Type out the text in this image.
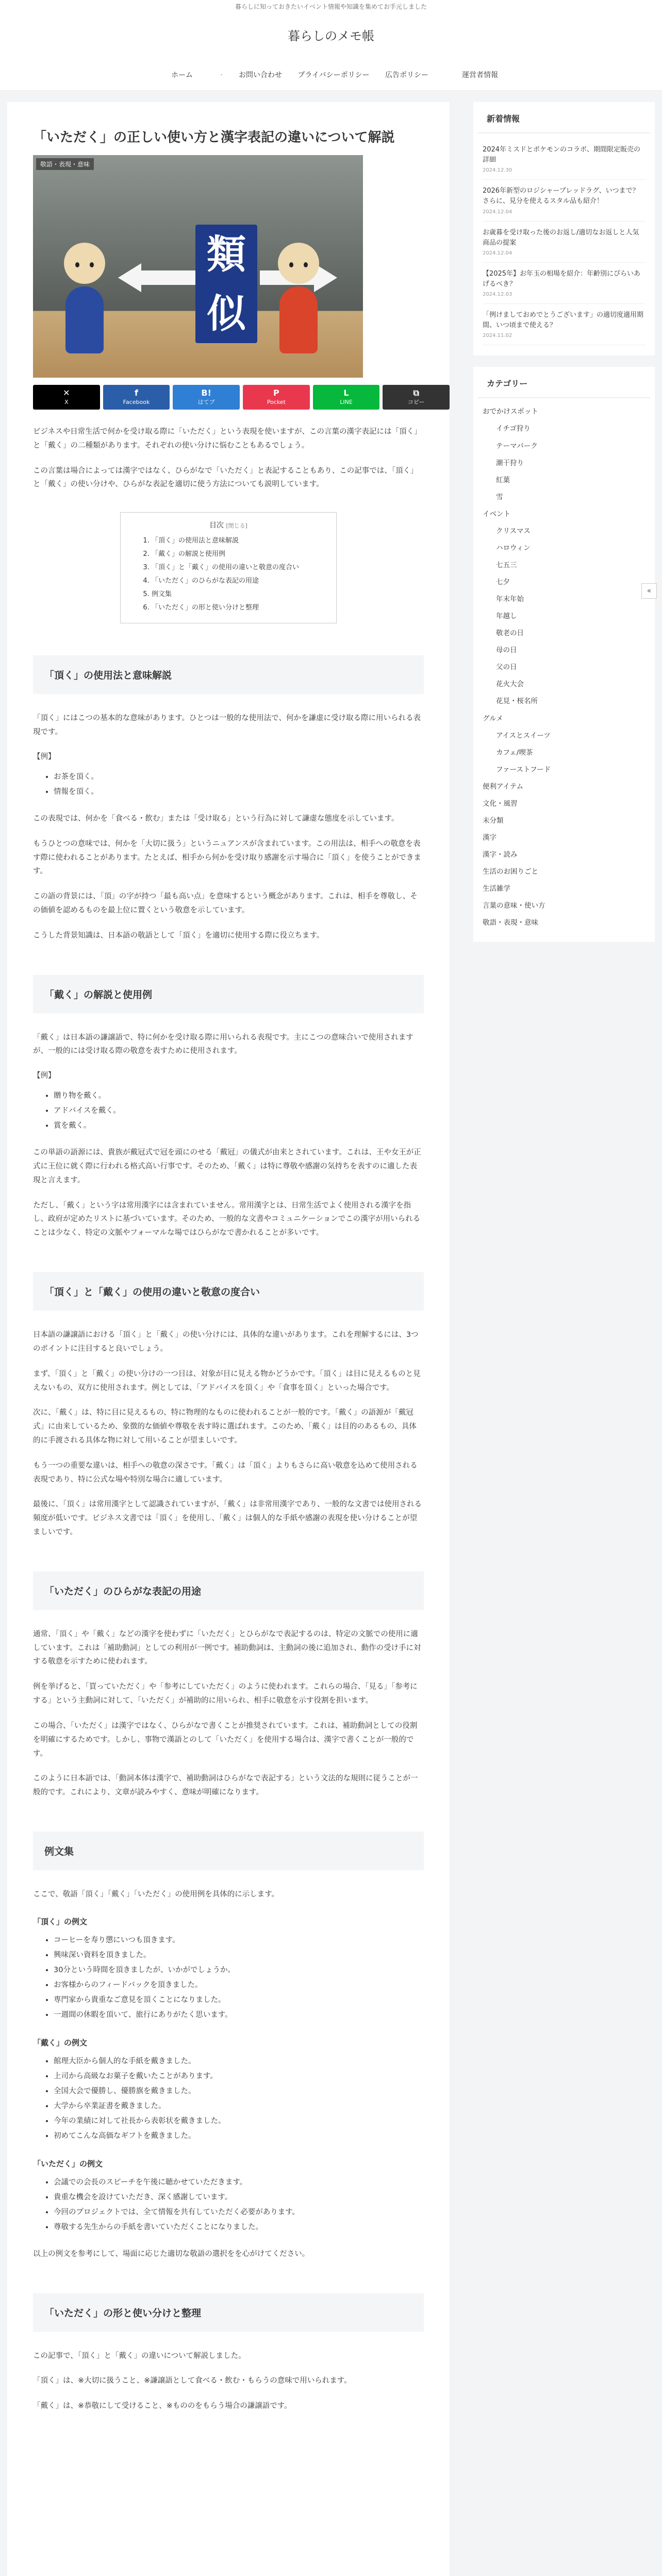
暮らしに知っておきたいイベント情報や知識を集めてお手元しました
暮らしのメモ帳
ホーム	・	お問い合わせ	プライバシーポリシー	広告ポリシー	運営者情報
「いただく」の正しい使い方と漢字表記の違いについて解説
敬語・表現・意味
類
似
✕
X
f
Facebook
B!
はてブ
P
Pocket
L
LINE
⧉
コピー

ビジネスや日常生活で何かを受け取る際に「いただく」という表現を使いますが、この言葉の漢字表記には「頂く」と「戴く」の二種類があります。それぞれの使い分けに悩むこともあるでしょう。

この言葉は場合によっては漢字ではなく、ひらがなで「いただく」と表記することもあり、この記事では、「頂く」と「戴く」の使い分けや、ひらがな表記を適切に使う方法についても説明しています。

目次 [閉じる]
1. 「頂く」の使用法と意味解説
2. 「戴く」の解説と使用例
3. 「頂く」と「戴く」の使用の違いと敬意の度合い
4. 「いただく」のひらがな表記の用途
5. 例文集
6. 「いただく」の形と使い分けと整理
「頂く」の使用法と意味解説

「頂く」にはこつの基本的な意味があります。ひとつは一般的な使用法で、何かを謙虚に受け取る際に用いられる表現です。

【例】
• お茶を頂く。
• 情報を頂く。

この表現では、何かを「食べる・飲む」または「受け取る」という行為に対して謙虚な態度を示しています。

もうひとつの意味では、何かを「大切に扱う」というニュアンスが含まれています。この用法は、相手への敬意を表す際に使われることがあります。たとえば、相手から何かを受け取り感謝を示す場合に「頂く」を使うことができます。

この語の背景には、「頂」の字が持つ「最も高い点」を意味するという概念があります。これは、相手を尊敬し、その価値を認めるものを最上位に置くという敬意を示しています。

こうした背景知識は、日本語の敬語として「頂く」を適切に使用する際に役立ちます。

「戴く」の解説と使用例

「戴く」は日本語の謙譲語で、特に何かを受け取る際に用いられる表現です。主にこつの意味合いで使用されますが、一般的には受け取る際の敬意を表すために使用されます。

【例】
• 贈り物を戴く。
• アドバイスを戴く。
• 賞を戴く。

この単語の語源には、貴族が戴冠式で冠を頭にのせる「戴冠」の儀式が由来とされています。これは、王や女王が正式に王位に就く際に行われる格式高い行事です。そのため、「戴く」は特に尊敬や感謝の気持ちを表すのに適した表現と言えます。

ただし、「戴く」という字は常用漢字には含まれていません。常用漢字とは、日常生活でよく使用される漢字を指し、政府が定めたリストに基づいています。そのため、一般的な文書やコミュニケーションでこの漢字が用いられることは少なく、特定の文脈やフォーマルな場ではひらがなで書かれることが多いです。

「頂く」と「戴く」の使用の違いと敬意の度合い

日本語の謙譲語における「頂く」と「戴く」の使い分けには、具体的な違いがあります。これを理解するには、3つのポイントに注目すると良いでしょう。

まず、「頂く」と「戴く」の使い分けの一つ目は、対象が目に見える物かどうかです。「頂く」は目に見えるものと見えないもの、双方に使用されます。例としては、「アドバイスを頂く」や「食事を頂く」といった場合です。

次に、「戴く」は、特に目に見えるもの、特に物理的なものに使われることが一般的です。「戴く」の語源が「戴冠式」に由来しているため、象徴的な価値や尊敬を表す時に選ばれます。このため、「戴く」は目的のあるもの、具体的に手渡される具体な物に対して用いることが望ましいです。

もう一つの重要な違いは、相手への敬意の深さです。「戴く」は「頂く」よりもさらに高い敬意を込めて使用される表現であり、特に公式な場や特別な場合に適しています。

最後に、「頂く」は常用漢字として認識されていますが、「戴く」は非常用漢字であり、一般的な文書では使用される頻度が低いです。ビジネス文書では「頂く」を使用し、「戴く」は個人的な手紙や感謝の表現を使い分けることが望ましいです。

「いただく」のひらがな表記の用途

通常、「頂く」や「戴く」などの漢字を使わずに「いただく」とひらがなで表記するのは、特定の文脈での使用に適しています。これは「補助動詞」としての利用が一例です。補助動詞は、主動詞の後に追加され、動作の受け手に対する敬意を示すために使われます。

例を挙げると、「買っていただく」や「参考にしていただく」のように使われます。これらの場合、「見る」「参考にする」という主動詞に対して、「いただく」が補助的に用いられ、相手に敬意を示す役割を担います。

この場合、「いただく」は漢字ではなく、ひらがなで書くことが推奨されています。これは、補助動詞としての役割を明確にするためです。しかし、事物で漢語とのして「いただく」を使用する場合は、漢字で書くことが一般的です。

このように日本語では、「動詞本体は漢字で、補助動詞はひらがなで表記する」という文法的な規則に従うことが一般的です。これにより、文章が読みやすく、意味が明確になります。

例文集

ここで、敬語「頂く」「戴く」「いただく」の使用例を具体的に示します。

「頂く」の例文
• コーヒーを寿り懲にいつも頂きます。
• 興味深い資料を頂きました。
• 30分という時間を頂きましたが、いかがでしょうか。
• お客様からのフィードバックを頂きました。
• 専門家から貴重なご意見を頂くことになりました。
• 一週間の休暇を頂いて、旅行にありがたく思います。
「戴く」の例文
• 館理大臣から個人的な手紙を戴きました。
• 上司から高級なお菓子を戴いたことがあります。
• 全国大会で優勝し、優勝旗を戴きました。
• 大学から卒業証書を戴きました。
• 今年の業績に対して社長から表彰状を戴きました。
• 初めてこんな高価なギフトを戴きました。
「いただく」の例文
• 会議での会長のスピーチを午後に聴かせていただきます。
• 貴重な機会を設けていただき、深く感謝しています。
• 今回のプロジェクトでは、全て情報を共有していただく必要があります。
• 尊敬する先生からの手紙を書いていただくことになりました。

以上の例文を参考にして、場面に応じた適切な敬語の選択をを心がけてください。

「いただく」の形と使い分けと整理

この記事で、「頂く」と「戴く」の違いについて解説しました。

「頂く」は、※大切に扱うこと、※謙譲語として食べる・飲む・もらうの意味で用いられます。

「戴く」は、※恭敬にして受けること、※もののをもらう場合の謙譲語です。

新着情報
2024年ミスドとポケモンのコラボ、期間限定販売の詳細
2024.12.30
2026年新型のロジシャープレッドラグ、いつまで？さらに、見分を使えるスタル品も紹介！
2024.12.04
お歳暮を受け取った後のお返し/適切なお返しと人気商品の提案
2024.12.04
【2025年】お年玉の相場を紹介：年齢別にぴらいあげるべき？
2024.12.03
「例けましておめでとうございます」の適切度適用期間、いつ頃まで使える？
2024.11.02
カテゴリー
おでかけスポット
イチゴ狩り
テーマパーク
潮干狩り
紅葉
雪
イベント
クリスマス
ハロウィン
七五三
七夕
年末年始
年越し
敬老の日
母の日
父の日
花火大会
花見・桜名所
グルメ
アイスとスイーツ
カフェ/喫茶
ファーストフード
便利アイテム
文化・風習
未分類
漢字
漢字・読み
生活のお困りごと
生活雑学
言葉の意味・使い方
敬語・表現・意味
«
